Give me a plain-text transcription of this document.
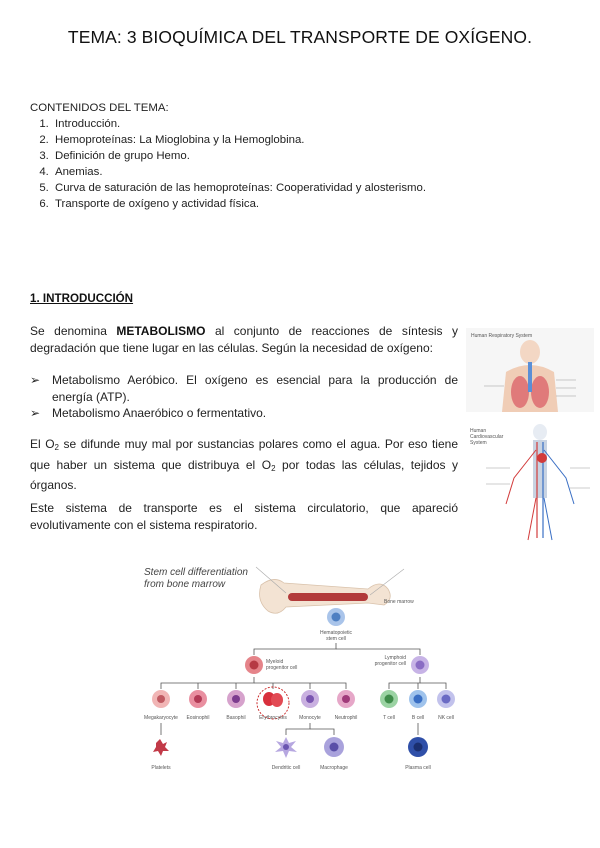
TEMA: 3 BIOQUÍMICA DEL TRANSPORTE DE OXÍGENO.
CONTENIDOS DEL TEMA:
1. Introducción.
2. Hemoproteínas: La Mioglobina y la Hemoglobina.
3. Definición de grupo Hemo.
4. Anemias.
5. Curva de saturación de las hemoproteínas: Cooperatividad y alosterismo.
6. Transporte de oxígeno y actividad física.
1. INTRODUCCIÓN
Se denomina METABOLISMO al conjunto de reacciones de síntesis y degradación que tiene lugar en las células. Según la necesidad de oxígeno:
➢ Metabolismo Aeróbico. El oxígeno es esencial para la producción de energía (ATP).
➢ Metabolismo Anaeróbico o fermentativo.
El $O_2$ se difunde muy mal por sustancias polares como el agua. Por eso tiene que haber un sistema que distribuya el $O_2$ por todas las células, tejidos y órganos.
Este sistema de transporte es el sistema circulatorio, que apareció evolutivamente con el sistema respiratorio.
Human Respiratory System
Human
Cardiovascular
System
Stem cell differentiation
from bone marrow
Bone marrow
Hematopoietic
stem cell
Myeloid
progenitor cell
Lymphoid
progenitor cell
Megakaryocyte Eosinophil	Basophil	Erythrocytes Monocyte	Neutrophil	T cell	B cell	NK cell
Platelets	Dendritic cell	Macrophage	Plasma cell
